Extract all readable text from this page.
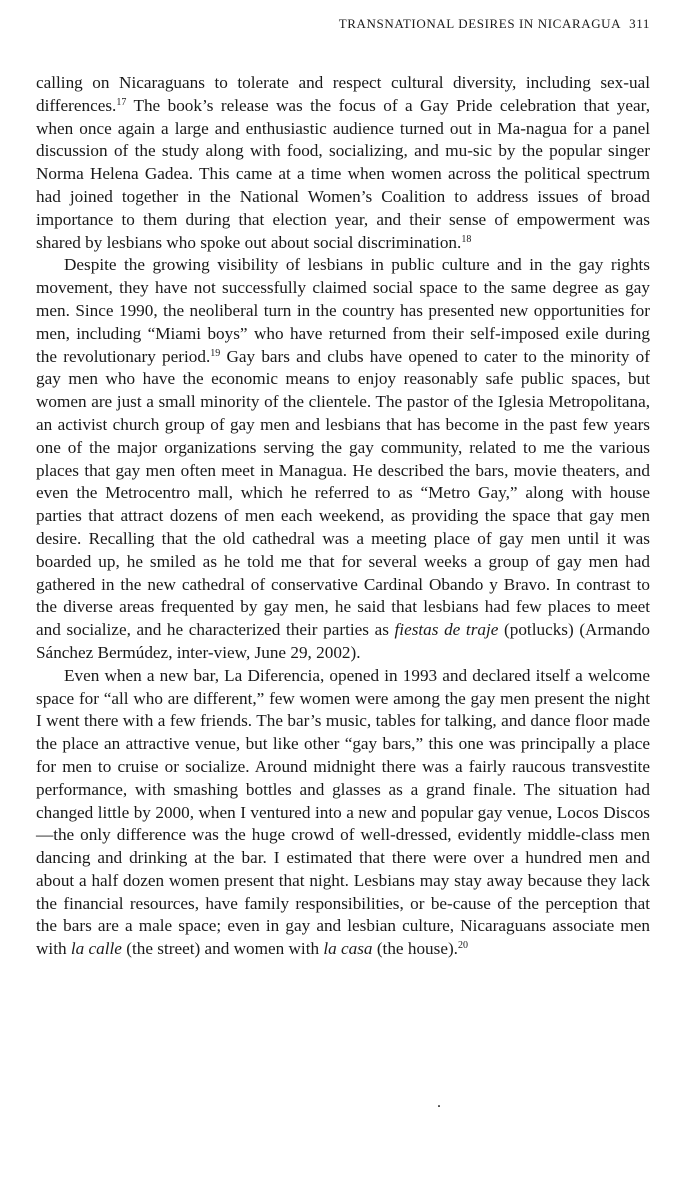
TRANSNATIONAL DESIRES IN NICARAGUA 311

calling on Nicaraguans to tolerate and respect cultural diversity, including sex-ual differences.$^{17}$ The book’s release was the focus of a Gay Pride celebration that year, when once again a large and enthusiastic audience turned out in Ma-nagua for a panel discussion of the study along with food, socializing, and mu-sic by the popular singer Norma Helena Gadea. This came at a time when women across the political spectrum had joined together in the National Women’s Coalition to address issues of broad importance to them during that election year, and their sense of empowerment was shared by lesbians who spoke out about social discrimination.$^{18}$

Despite the growing visibility of lesbians in public culture and in the gay rights movement, they have not successfully claimed social space to the same degree as gay men. Since 1990, the neoliberal turn in the country has presented new opportunities for men, including “Miami boys” who have returned from their self-imposed exile during the revolutionary period.$^{19}$ Gay bars and clubs have opened to cater to the minority of gay men who have the economic means to enjoy reasonably safe public spaces, but women are just a small minority of the clientele. The pastor of the Iglesia Metropolitana, an activist church group of gay men and lesbians that has become in the past few years one of the major organizations serving the gay community, related to me the various places that gay men often meet in Managua. He described the bars, movie theaters, and even the Metrocentro mall, which he referred to as “Metro Gay,” along with house parties that attract dozens of men each weekend, as providing the space that gay men desire. Recalling that the old cathedral was a meeting place of gay men until it was boarded up, he smiled as he told me that for several weeks a group of gay men had gathered in the new cathedral of conservative Cardinal Obando y Bravo. In contrast to the diverse areas frequented by gay men, he said that lesbians had few places to meet and socialize, and he characterized their parties as fiestas de traje (potlucks) (Armando Sánchez Bermúdez, inter-view, June 29, 2002).

Even when a new bar, La Diferencia, opened in 1993 and declared itself a welcome space for “all who are different,” few women were among the gay men present the night I went there with a few friends. The bar’s music, tables for talking, and dance floor made the place an attractive venue, but like other “gay bars,” this one was principally a place for men to cruise or socialize. Around midnight there was a fairly raucous transvestite performance, with smashing bottles and glasses as a grand finale. The situation had changed little by 2000, when I ventured into a new and popular gay venue, Locos Discos—the only difference was the huge crowd of well-dressed, evidently middle-class men dancing and drinking at the bar. I estimated that there were over a hundred men and about a half dozen women present that night. Lesbians may stay away because they lack the financial resources, have family responsibilities, or be-cause of the perception that the bars are a male space; even in gay and lesbian culture, Nicaraguans associate men with la calle (the street) and women with la casa (the house).$^{20}$

.
